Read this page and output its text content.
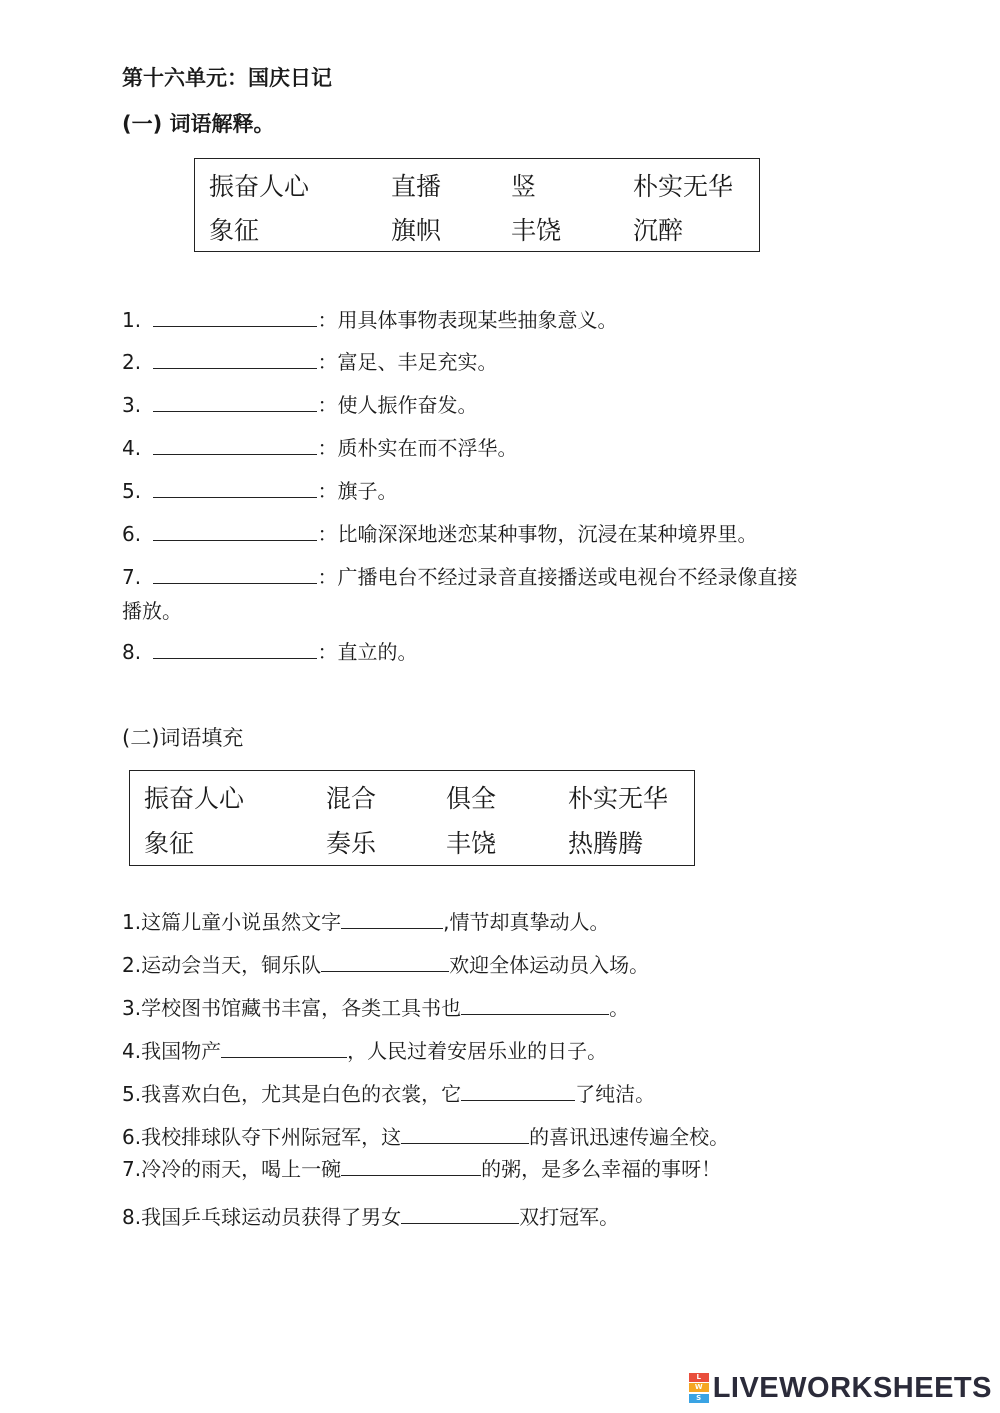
第十六单元：国庆日记
(一) 词语解释。
振奋人心	直播	竖	朴实无华
象征	旗帜	丰饶	沉醉
1.	：用具体事物表现某些抽象意义。
2.	：富足、丰足充实。
3.	：使人振作奋发。
4.	：质朴实在而不浮华。
5.	：旗子。
6.	：比喻深深地迷恋某种事物，沉浸在某种境界里。
7.	：广播电台不经过录音直接播送或电视台不经录像直接
播放。
8.	：直立的。
(二)词语填充
振奋人心	混合	俱全	朴实无华
象征	奏乐	丰饶	热腾腾
1.这篇儿童小说虽然文字	,情节却真挚动人。
2.运动会当天，铜乐队	欢迎全体运动员入场。
3.学校图书馆藏书丰富，各类工具书也	。
4.我国物产	，人民过着安居乐业的日子。
5.我喜欢白色，尤其是白色的衣裳，它	了纯洁。
6.我校排球队夺下州际冠军，这	的喜讯迅速传遍全校。
7.冷冷的雨天，喝上一碗	的粥，是多么幸福的事呀！
8.我国乒乓球运动员获得了男女	双打冠军。
L
W
S LIVEWORKSHEETS
